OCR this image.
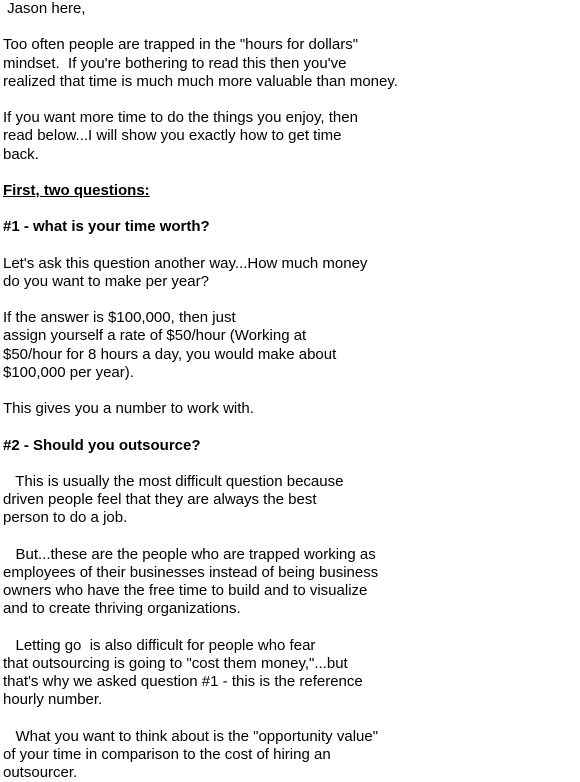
Jason here,
Too often people are trapped in the "hours for dollars"
mindset.  If you're bothering to read this then you've
realized that time is much much more valuable than money.
If you want more time to do the things you enjoy, then
read below...I will show you exactly how to get time
back.
First, two questions:
#1 - what is your time worth?
Let's ask this question another way...How much money
do you want to make per year?
If the answer is $100,000, then just
assign yourself a rate of $50/hour (Working at
$50/hour for 8 hours a day, you would make about
$100,000 per year).
This gives you a number to work with.
#2 - Should you outsource?
This is usually the most difficult question because
driven people feel that they are always the best
person to do a job.
But...these are the people who are trapped working as
employees of their businesses instead of being business
owners who have the free time to build and to visualize
and to create thriving organizations.
Letting go  is also difficult for people who fear
that outsourcing is going to "cost them money,"...but
that's why we asked question #1 - this is the reference
hourly number.
What you want to think about is the "opportunity value"
of your time in comparison to the cost of hiring an
outsourcer.
